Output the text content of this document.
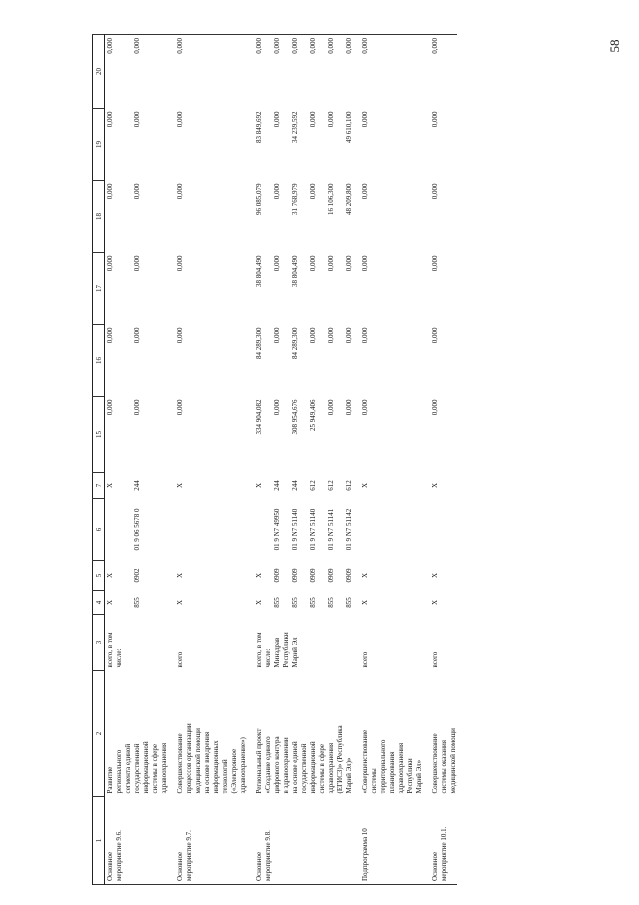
58
1	2	3	4	5	6	7	15	16	17	18	19	20
Основное	Развитие	всего, в том	Х	Х		Х	0,000	0,000	0,000	0,000	0,000	0,000
мероприятие 9.6.	регионального	числе:										
	сегмента единой											
	государственной		855	0902	01 9 06 5678 0	244	0,000	0,000	0,000	0,000	0,000	0,000
	информационной											
	системы в сфере											
	здравоохранения											

Основное	Совершенствование	всего	Х	Х		Х	0,000	0,000	0,000	0,000	0,000	0,000
мероприятие 9.7.	процессов организации											
	медицинской помощи											
	на основе внедрения											
	информационных											
	технологий											
	(«Электронное											
	здравоохранение»)											

Основное	Региональный проект	всего, в том	Х	Х		Х	334 904,082	84 289,300	38 804,490	96 085,079	83 849,692	0,000
мероприятие 9.8.	«Создание единого	числе:										
	цифрового контура	Минздрав	855	0909	01 9 N7 49950	244	0,000	0,000	0,000	0,000	0,000	0,000
	в здравоохранении	Республики										
	на основе единой	Марий Эл	855	0909	01 9 N7 51140	244	308 954,676	84 289,300	38 804,490	31 768,979	34 239,592	0,000
	государственной											
	информационной		855	0909	01 9 N7 51140	612	25 949,406	0,000	0,000	0,000	0,000	0,000
	системы в сфере											
	здравоохранения		855	0909	01 9 N7 51141	612	0,000	0,000	0,000	16 106,300	0,000	0,000
	(ЕГИСЗ)» (Республика											
	Марий Эл)»		855	0909	01 9 N7 51142	612	0,000	0,000	0,000	48 209,800	49 610,100	0,000

Подпрограмма 10	«Совершенствование	всего	Х	Х		Х	0,000	0,000	0,000	0,000	0,000	0,000
	системы											
	территориального											
	планирования											
	здравоохранения											
	Республики											
	Марий Эл»											

Основное	Совершенствование	всего	Х	Х		Х	0,000	0,000	0,000	0,000	0,000	0,000
мероприятие 10.1.	системы оказания											
	медицинской помощи											
